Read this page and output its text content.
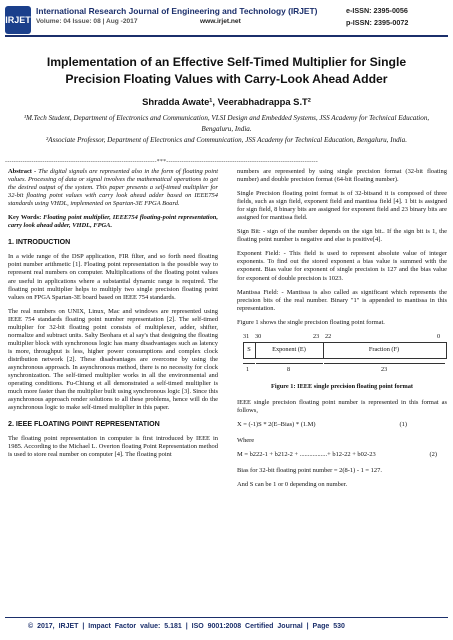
IRJET
International Research Journal of Engineering and Technology (IRJET)
Volume: 04 Issue: 08 | Aug -2017	www.irjet.net
e-ISSN: 2395-0056
p-ISSN: 2395-0072
Implementation of an Effective Self-Timed Multiplier for Single Precision Floating Values with Carry-Look Ahead Adder
Shradda Awate¹, Veerabhadrappa S.T²
¹M.Tech Student, Department of Electronics and Communication, VLSI Design and Embedded Systems, JSS Academy for Technical Education, Bengaluru, India.
²Associate Professor, Department of Electronics and Communication, JSS Academy for Technical Education, Bengaluru, India.
---------------------------------------------------------------------***---------------------------------------------------------------------

Abstract - The digital signals are represented also in the form of floating point values. Processing of data or signal involves the mathematical operations to get the desired output of the system. This paper presents a self-timed multiplier for 32-bit floating point values with carry look ahead adder based on IEEE754 standards using VHDL, implemented on Spartan-3E FPGA Board.

Key Words: Floating point multiplier, IEEE754 floating-point representation, carry look ahead adder, VHDL, FPGA.

1. INTRODUCTION

In a wide range of the DSP application, FIR filter, and so forth need floating point number arithmetic [1]. Floating point representation is the possible way to represent real numbers on computer. Multiplications of the floating point values are useful in applications where a substantial dynamic range is required. The floating point multiplier helps to multiply two single precision floating point values on FPGA Spartan-3E board based on IEEE 754 standards.

The real numbers on UNIX, Linux, Mac and windows are represented using IEEE 754 standards floating point number representation [2]. The self-timed multiplier for 32-bit floating point consists of multiplexer, adder, shifter, normalize and subtract units. Salty Beohara et al say's that designing the floating multiplier block with synchronous logic has many disadvantages such as latency is more, throughput is less, higher power consumptions and complex clock distribution network [2]. These disadvantages are overcome by using the asynchronous approach. In asynchronous method, there is no necessity for clock synchronization. The self-timed multiplier works in all the environmental and operating conditions. Fu-Chiung et all demonstrated a self-timed multiplier is much more faster than the multiplier built using synchronous logic [3]. Since this asynchronous approach render solutions to all these problems, hence will do the asynchronous logic to make self-timed multiplier in this paper.

2. IEEE FLOATING POINT REPRESENTATION

The floating point representation in computer is first introduced by IEEE in 1985. According to the Michael L. Overton floating Point Representation method is used to store real number on computer [4]. The floating point

numbers are represented by using single precision format (32-bit floating number) and double precision format (64-bit floating number).

Single Precision floating point format is of 32-bitsand it is composed of three fields, such as sign field, exponent field and mantissa field [4]. 1 bit is assigned for sign field, 8 binary bits are assigned for exponent field and 23 binary bits are assigned for mantissa field.

Sign Bit: - sign of the number depends on the sign bit.. If the sign bit is 1, the floating point number is negative and else is positive[4].

Exponent Field: - This field is used to represent absolute value of integer exponents. To find out the stored exponent a bias value is summed with the exponent. Bias value for exponent of single precision is 127 and the bias value for exponent of double precision is 1023.

Mantissa Field: - Mantissa is also called as significant which represents the precision bits of the real number. Binary "1" is appended to mantissa in this representation.

Figure 1 shows the single precision floating point format.

31 30	23 22	0
S	Exponent (E)	Fraction (F)
1	8	23
Figure 1: IEEE single precision floating point format

IEEE single precision floating point number is represented in this format as follows,

X = (-1)S * 2(E–Bias) * (1.M)	(1)

Where

M = b222-1 + b212-2 + .................+ b12-22 + b02-23	(2)

Bias for 32-bit floating point number = 2(8-1) - 1 = 127.

And S can be 1 or 0 depending on number.

© 2017, IRJET | Impact Factor value: 5.181 | ISO 9001:2008 Certified Journal | Page 530
